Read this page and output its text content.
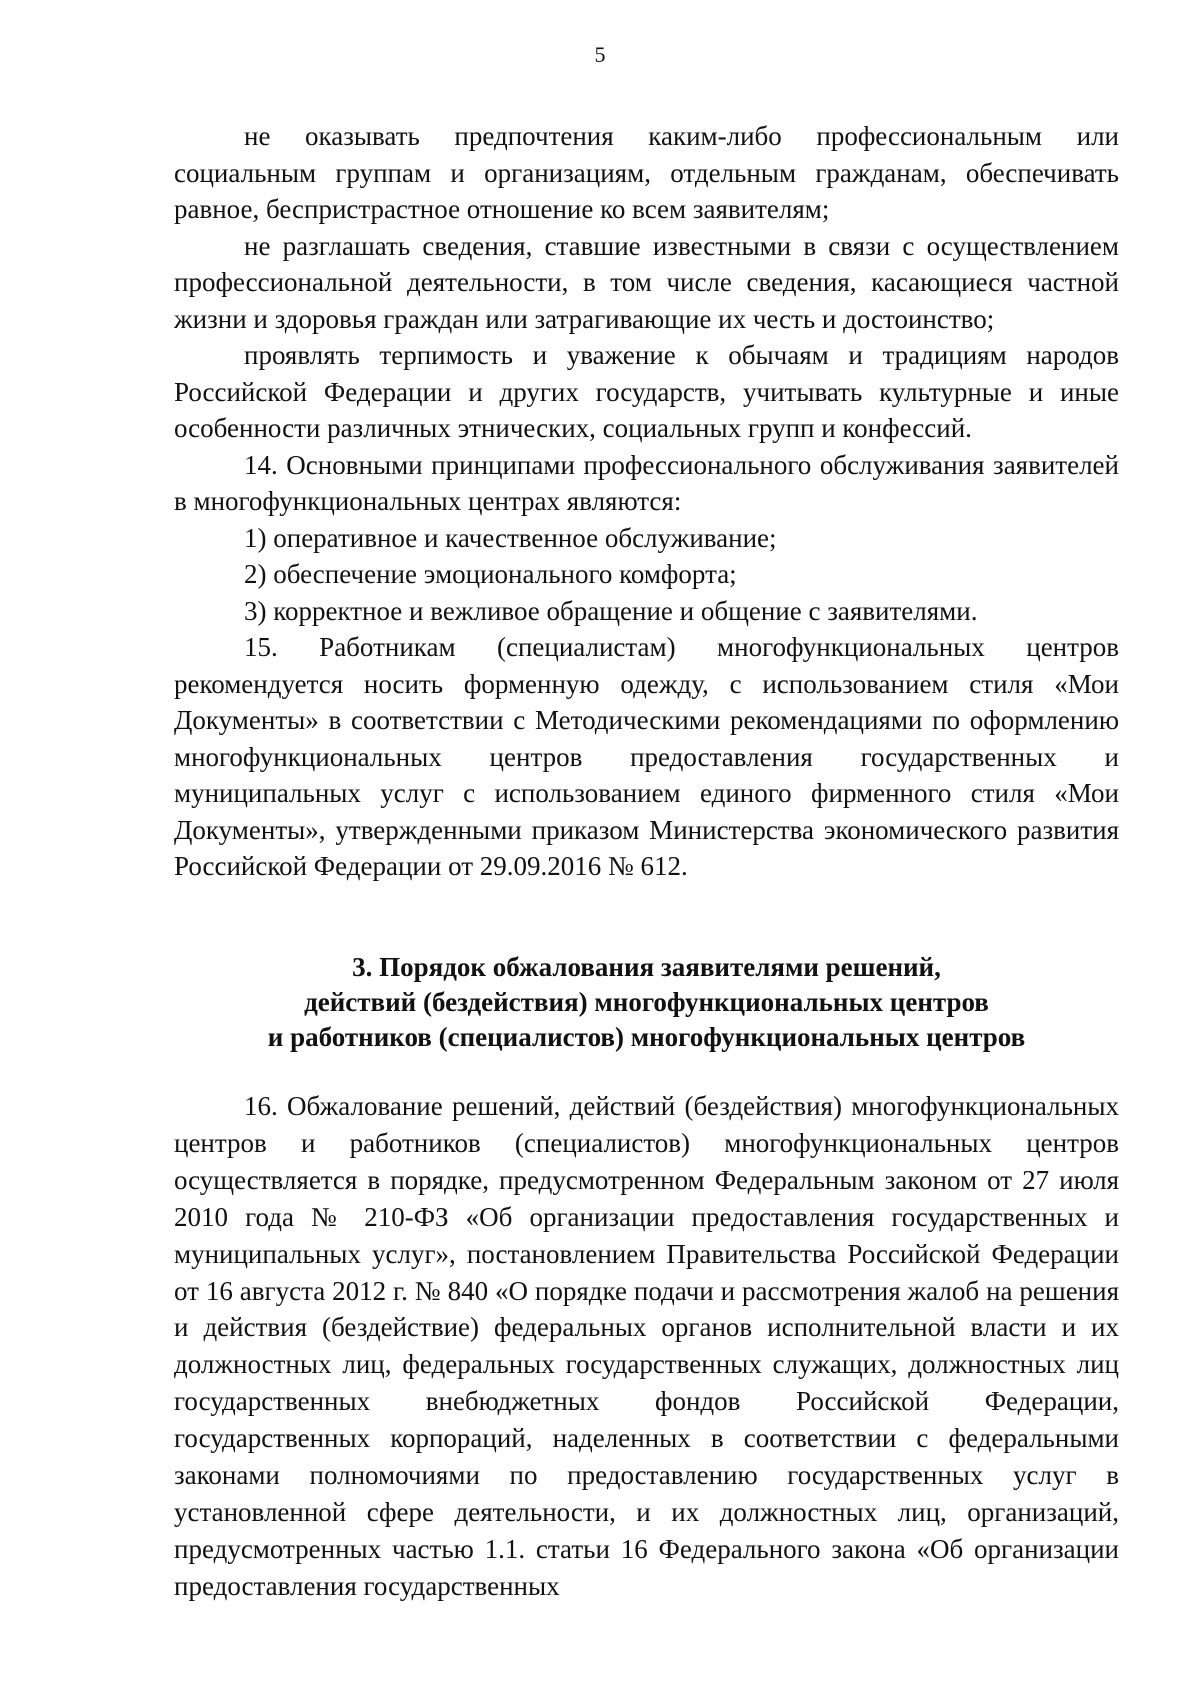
5

не оказывать предпочтения каким-либо профессиональным или социальным группам и организациям, отдельным гражданам, обеспечивать равное, беспристрастное отношение ко всем заявителям;

не разглашать сведения, ставшие известными в связи с осуществлением профессиональной деятельности, в том числе сведения, касающиеся частной жизни и здоровья граждан или затрагивающие их честь и достоинство;

проявлять терпимость и уважение к обычаям и традициям народов Российской Федерации и других государств, учитывать культурные и иные особенности различных этнических, социальных групп и конфессий.

14. Основными принципами профессионального обслуживания заявителей в многофункциональных центрах являются:

1) оперативное и качественное обслуживание;

2) обеспечение эмоционального комфорта;

3) корректное и вежливое обращение и общение с заявителями.

15. Работникам (специалистам) многофункциональных центров рекомендуется носить форменную одежду, с использованием стиля «Мои Документы» в соответствии с Методическими рекомендациями по оформлению многофункциональных центров предоставления государственных и муниципальных услуг с использованием единого фирменного стиля «Мои Документы», утвержденными приказом Министерства экономического развития Российской Федерации от 29.09.2016 № 612.

3. Порядок обжалования заявителями решений,
действий (бездействия) многофункциональных центров
и работников (специалистов) многофункциональных центров

16. Обжалование решений, действий (бездействия) многофункциональных центров и работников (специалистов) многофункциональных центров осуществляется в порядке, предусмотренном Федеральным законом от 27 июля 2010 года № 210-ФЗ «Об организации предоставления государственных и муниципальных услуг», постановлением Правительства Российской Федерации от 16 августа 2012 г. № 840 «О порядке подачи и рассмотрения жалоб на решения и действия (бездействие) федеральных органов исполнительной власти и их должностных лиц, федеральных государственных служащих, должностных лиц государственных внебюджетных фондов Российской Федерации, государственных корпораций, наделенных в соответствии с федеральными законами полномочиями по предоставлению государственных услуг в установленной сфере деятельности, и их должностных лиц, организаций, предусмотренных частью 1.1. статьи 16 Федерального закона «Об организации предоставления государственных
